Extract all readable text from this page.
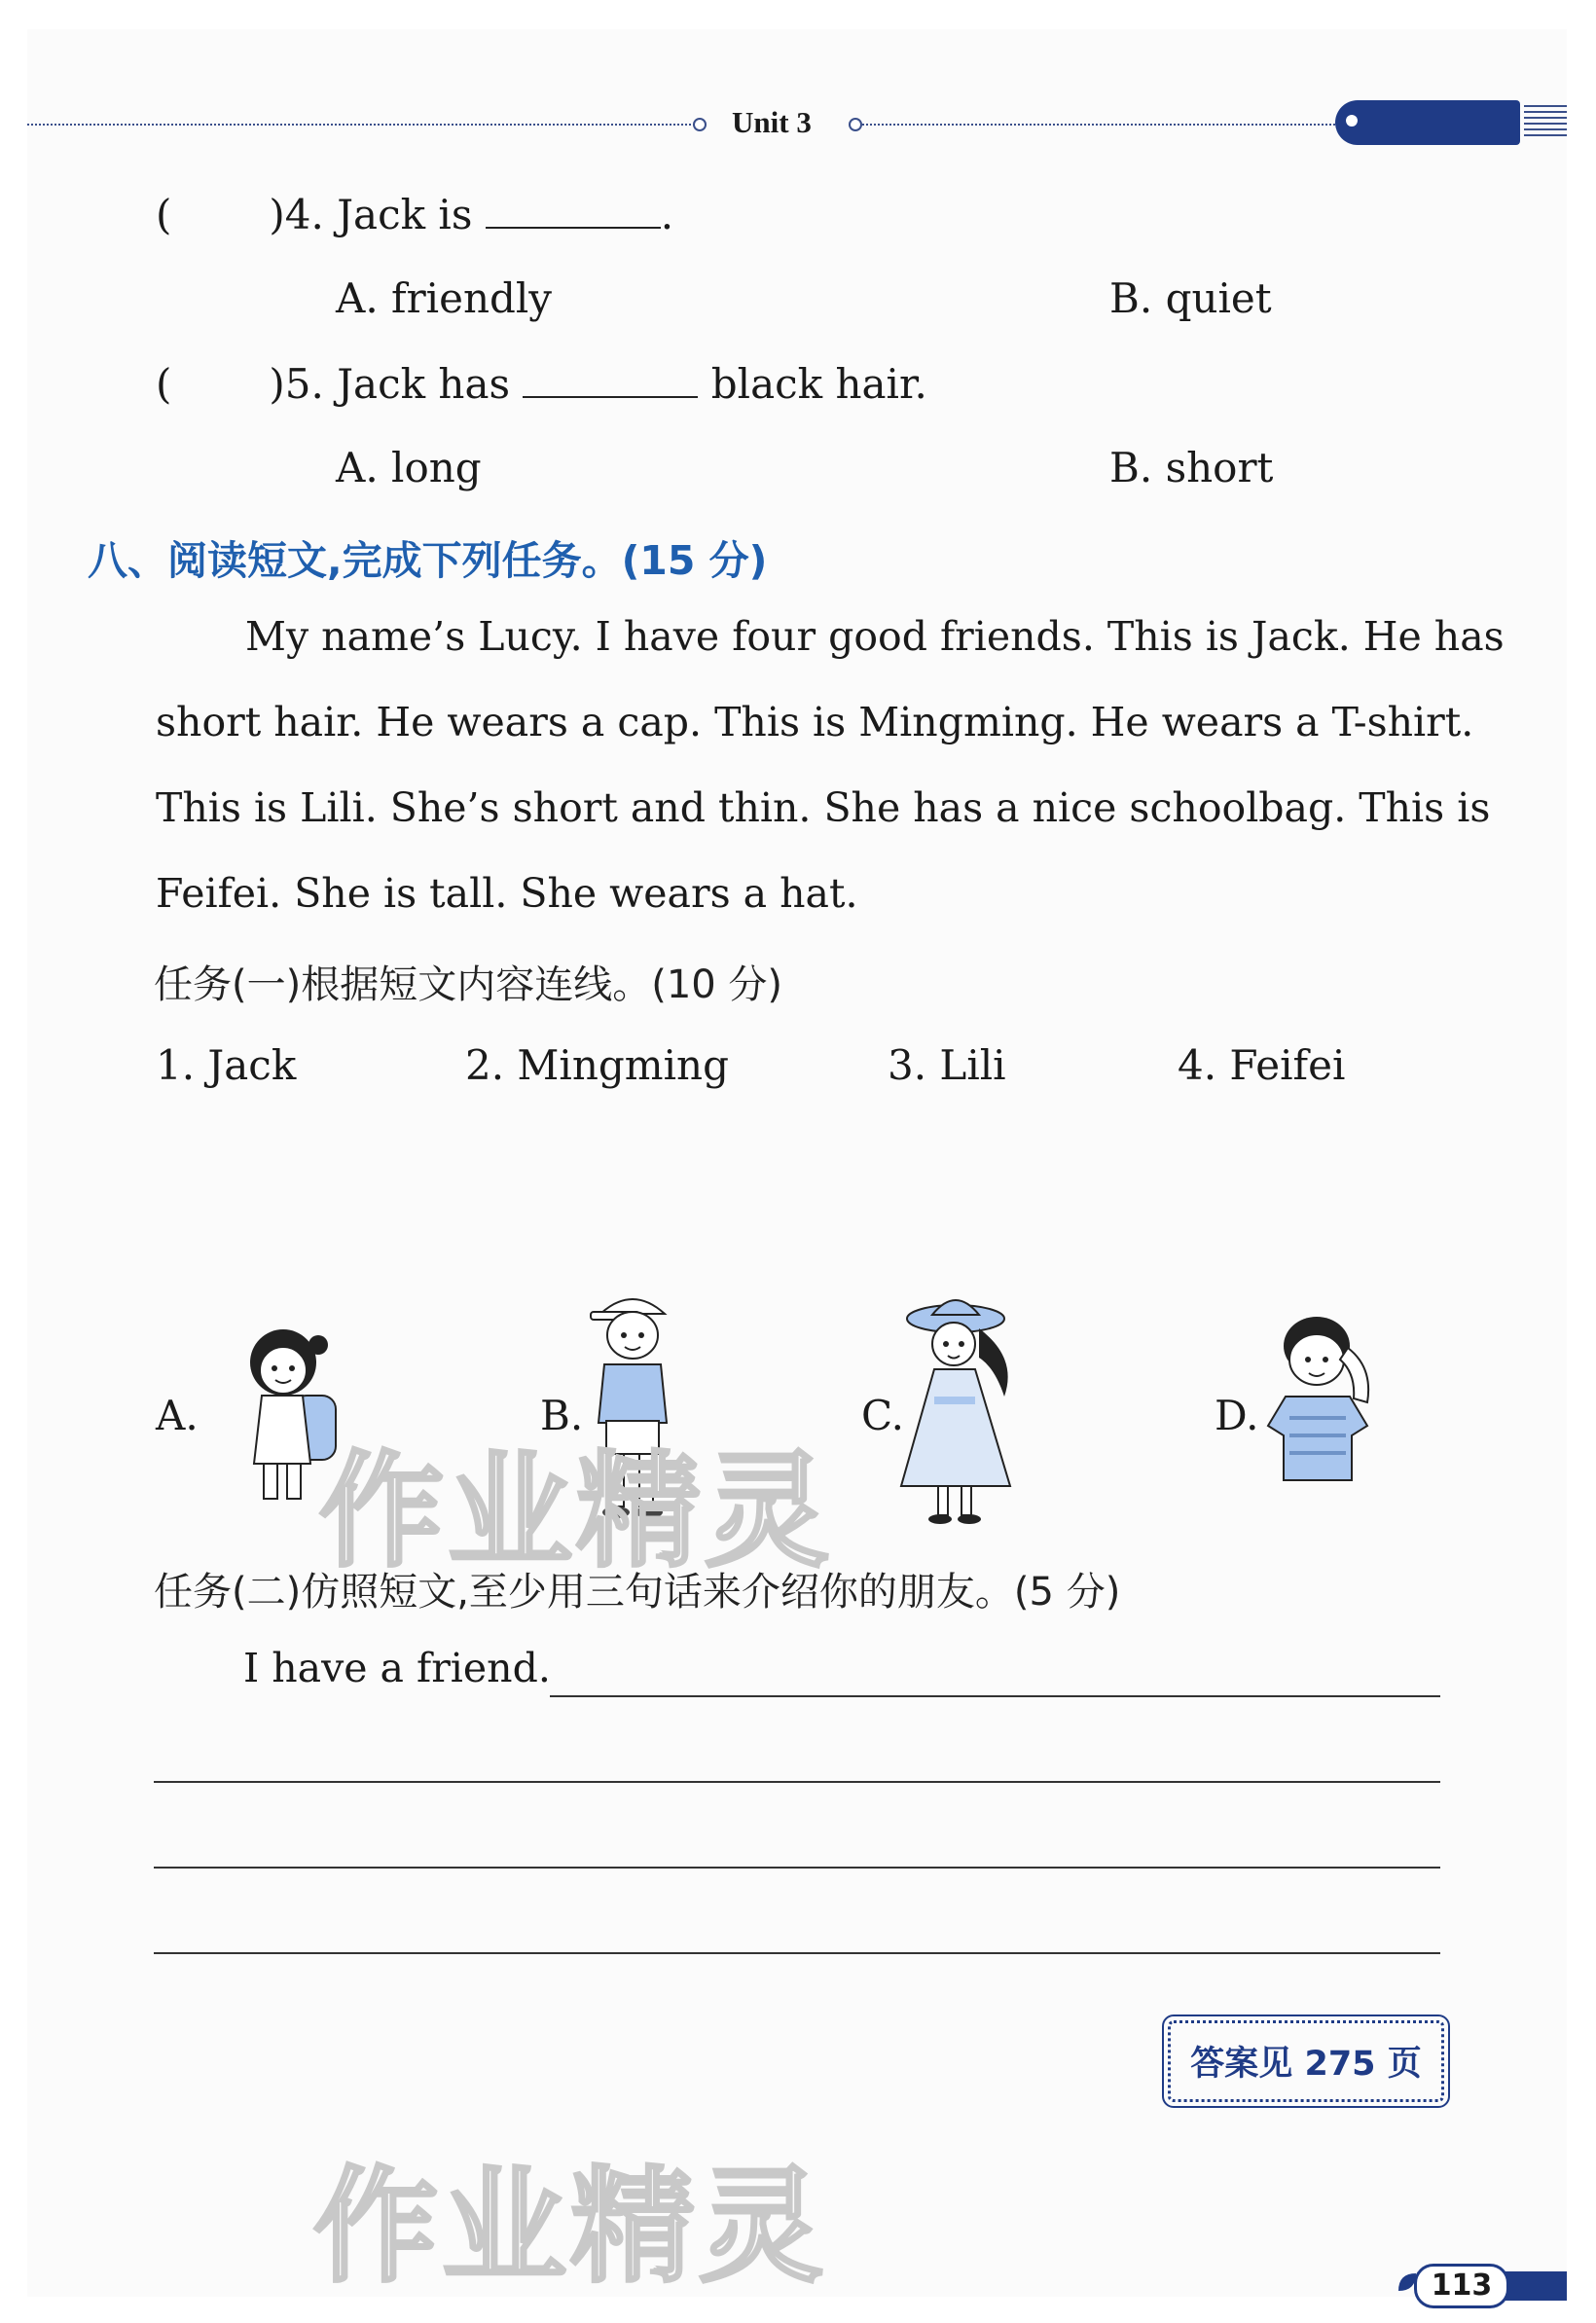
Unit 3
( )4. Jack is	.
A. friendly	B. quiet
( )5. Jack has	black hair.
A. long	B. short
八、阅读短文,完成下列任务。(15 分)
My name’s Lucy. I have four good friends. This is Jack. He has
short hair. He wears a cap. This is Mingming. He wears a T-shirt.
This is Lili. She’s short and thin. She has a nice schoolbag. This is
Feifei. She is tall. She wears a hat.
任务(一)根据短文内容连线。(10 分)
1. Jack	2. Mingming	3. Lili	4. Feifei
A.	B.	C.	D.
作业精灵
任务(二)仿照短文,至少用三句话来介绍你的朋友。(5 分)
I have a friend.
答案见 275 页
作业精灵	113
